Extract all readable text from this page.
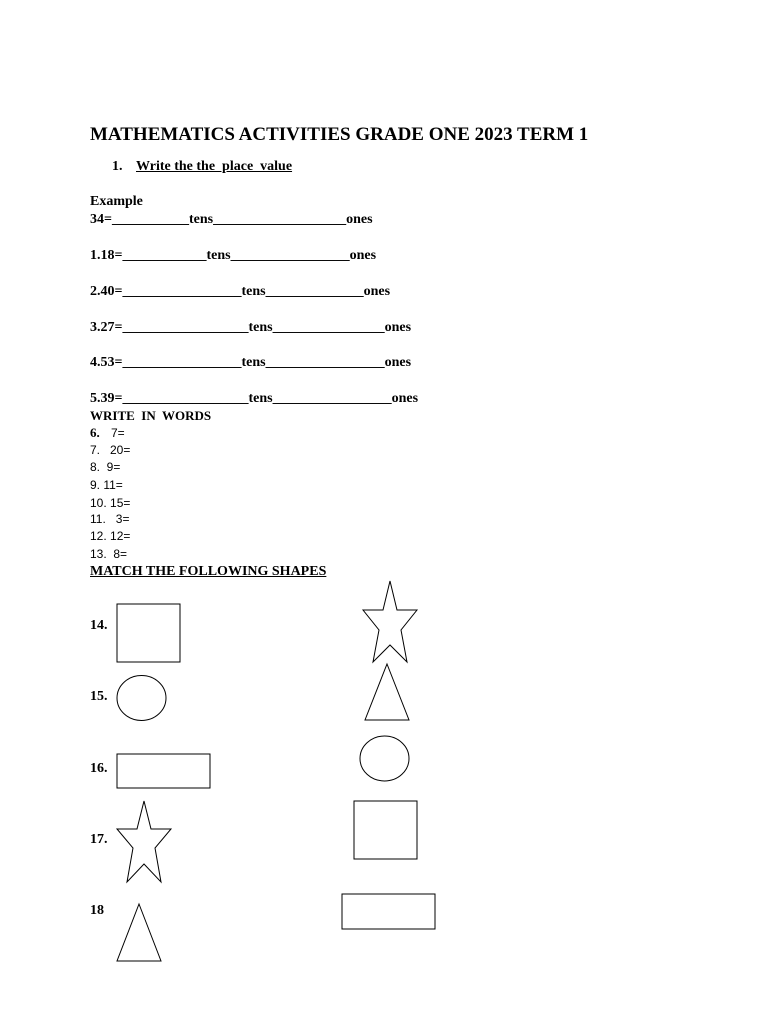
MATHEMATICS ACTIVITIES GRADE ONE 2023 TERM 1
1. Write the the  place  value
Example
34=___________tens___________________ones
1.18=____________tens_________________ones
2.40=_________________tens______________ones
3.27=__________________tens________________ones
4.53=_________________tens_________________ones
5.39=__________________tens_________________ones
WRITE  IN  WORDS
6. 7=
7.   20=
8.  9=
9. 11=
10. 15=
11.   3=
12. 12=
13.  8=
MATCH THE FOLLOWING SHAPES
14.
15.
16.
17.
18
